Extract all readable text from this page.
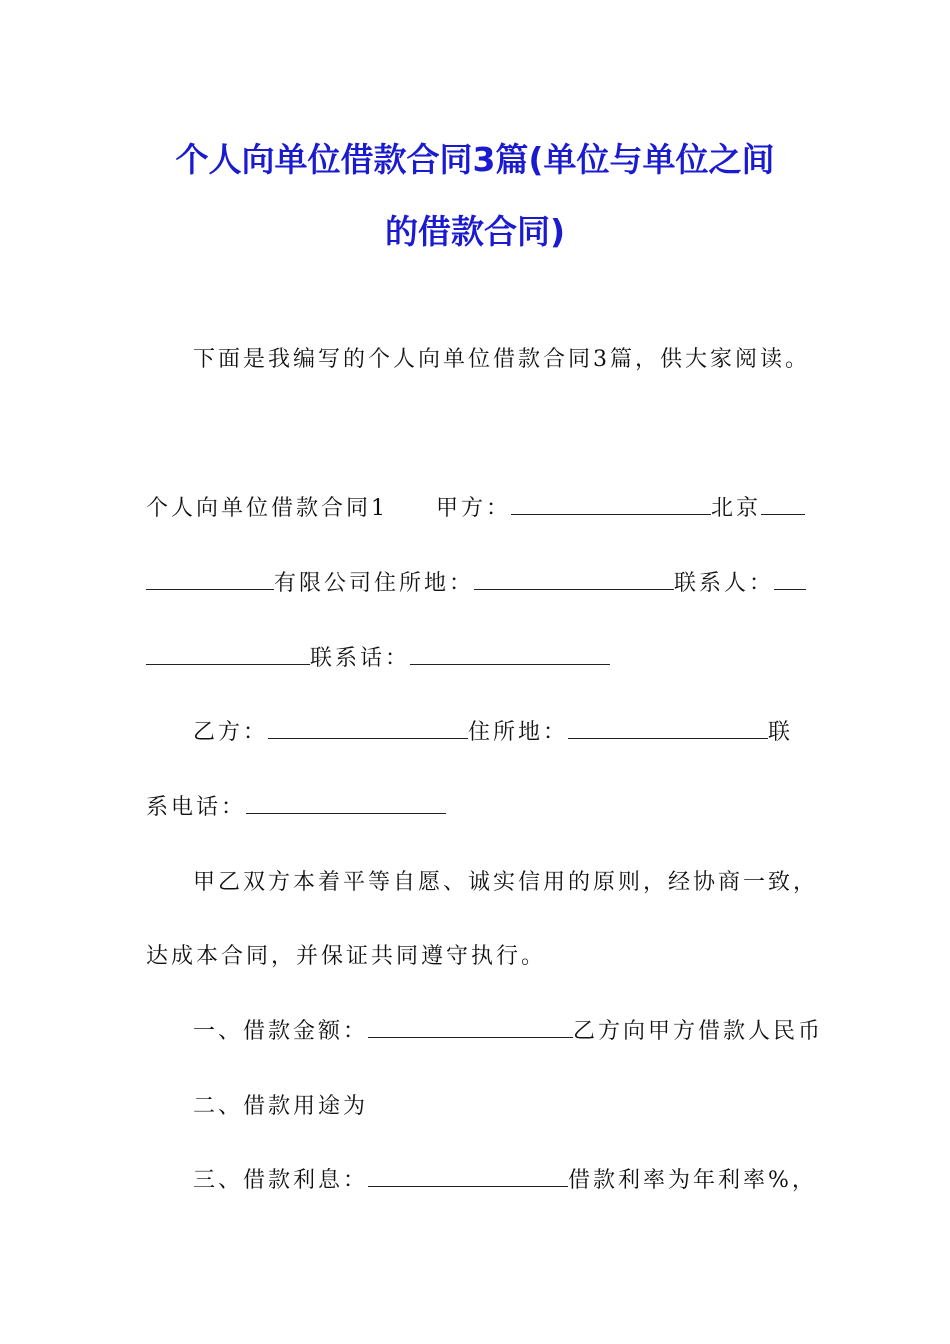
个人向单位借款合同3篇(单位与单位之间
的借款合同)
下面是我编写的个人向单位借款合同3篇，供大家阅读。
个人向单位借款合同1 甲方：	北京
有限公司住所地：	联系人：
联系话：
乙方：	住所地：	联
系电话：
甲乙双方本着平等自愿、诚实信用的原则，经协商一致，
达成本合同，并保证共同遵守执行。
一、借款金额：	乙方向甲方借款人民币
二、借款用途为
三、借款利息：	借款利率为年利率%，
